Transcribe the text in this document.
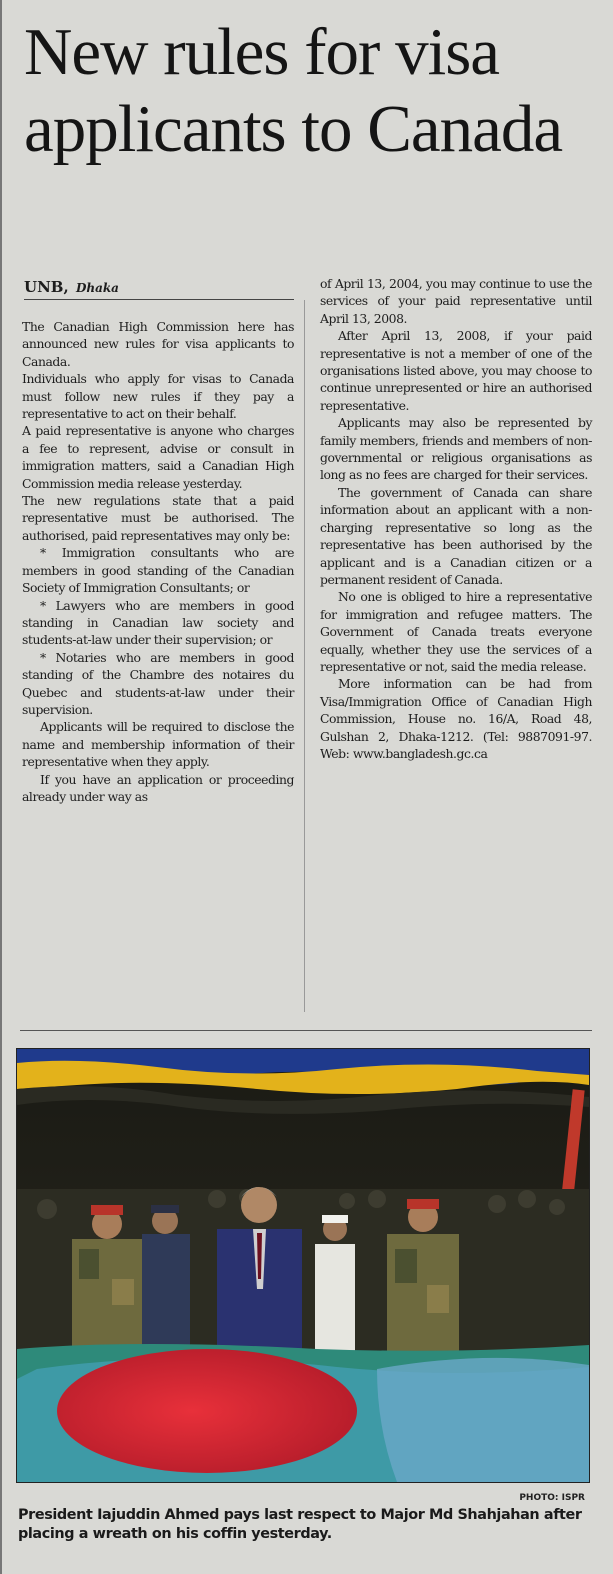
New rules for visa applicants to Canada
UNB, Dhaka

The Canadian High Commission here has announced new rules for visa applicants to Canada.

Individuals who apply for visas to Canada must follow new rules if they pay a representative to act on their behalf.

A paid representative is anyone who charges a fee to represent, advise or consult in immigration matters, said a Canadian High Commission media release yesterday.

The new regulations state that a paid representative must be authorised. The authorised, paid representatives may only be:

* Immigration consultants who are members in good standing of the Canadian Society of Immigration Consultants; or

* Lawyers who are members in good standing in Canadian law society and students-at-law under their supervision; or

* Notaries who are members in good standing of the Chambre des notaires du Quebec and students-at-law under their supervision.

Applicants will be required to disclose the name and membership information of their representative when they apply.

If you have an application or proceeding already under way as

of April 13, 2004, you may continue to use the services of your paid representative until April 13, 2008.

After April 13, 2008, if your paid representative is not a member of one of the organisations listed above, you may choose to continue unrepresented or hire an authorised representative.

Applicants may also be represented by family members, friends and members of non-governmental or religious organisations as long as no fees are charged for their services.

The government of Canada can share information about an applicant with a non-charging representative so long as the representative has been authorised by the applicant and is a Canadian citizen or a permanent resident of Canada.

No one is obliged to hire a representative for immigration and refugee matters. The Government of Canada treats everyone equally, whether they use the services of a representative or not, said the media release.

More information can be had from Visa/Immigration Office of Canadian High Commission, House no. 16/A, Road 48, Gulshan 2, Dhaka-1212. (Tel: 9887091-97. Web: www.bangladesh.gc.ca

PHOTO: ISPR
President Iajuddin Ahmed pays last respect to Major Md Shahjahan after placing a wreath on his coffin yesterday.
